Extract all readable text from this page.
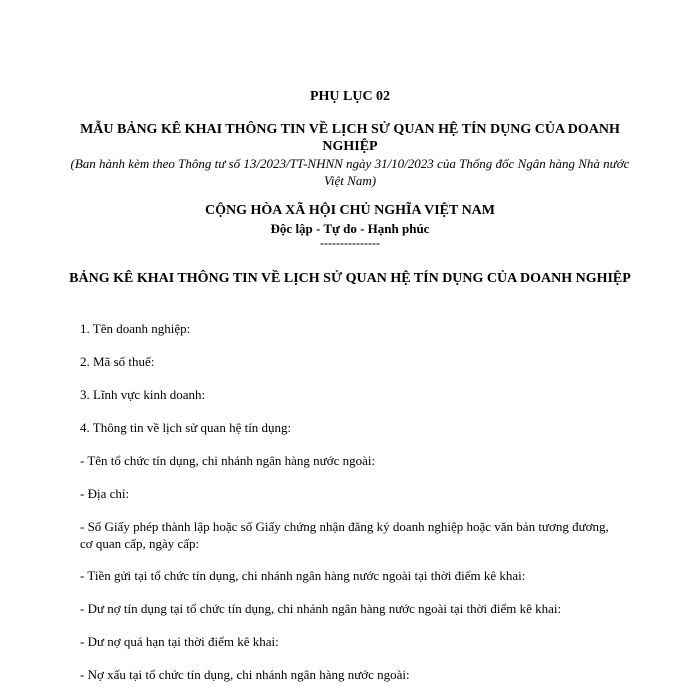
PHỤ LỤC 02
MẪU BẢNG KÊ KHAI THÔNG TIN VỀ LỊCH SỬ QUAN HỆ TÍN DỤNG CỦA DOANH NGHIỆP
(Ban hành kèm theo Thông tư số 13/2023/TT-NHNN ngày 31/10/2023 của Thống đốc Ngân hàng Nhà nước Việt Nam)
CỘNG HÒA XÃ HỘI CHỦ NGHĨA VIỆT NAM
Độc lập - Tự do - Hạnh phúc
---------------
BẢNG KÊ KHAI THÔNG TIN VỀ LỊCH SỬ QUAN HỆ TÍN DỤNG CỦA DOANH NGHIỆP
1. Tên doanh nghiệp:
2. Mã số thuế:
3. Lĩnh vực kinh doanh:
4. Thông tin về lịch sử quan hệ tín dụng:
- Tên tổ chức tín dụng, chi nhánh ngân hàng nước ngoài:
- Địa chỉ:
- Số Giấy phép thành lập hoặc số Giấy chứng nhận đăng ký doanh nghiệp hoặc văn bản tương đương, cơ quan cấp, ngày cấp:
- Tiền gửi tại tổ chức tín dụng, chi nhánh ngân hàng nước ngoài tại thời điểm kê khai:
- Dư nợ tín dụng tại tổ chức tín dụng, chi nhánh ngân hàng nước ngoài tại thời điểm kê khai:
- Dư nợ quá hạn tại thời điểm kê khai:
- Nợ xấu tại tổ chức tín dụng, chi nhánh ngân hàng nước ngoài:
